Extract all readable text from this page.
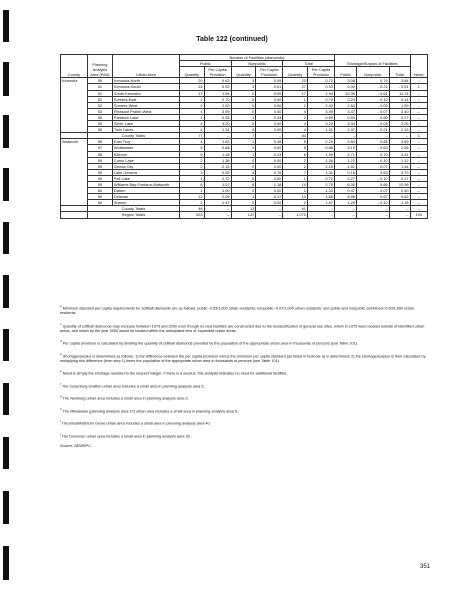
Table 122 (continued)
County	Planning Analysis Area (PAA)	Urban Area	Number of Facilities (diamonds)						Shortage/Surplus of Facilities			Need
			Public		Nonpublic		Total					
			Quantity	Per Capita Provision	Quantity	Per Capita Provision	Quantity	Per Capita Provision	Public	Nonpublic	Total	
Kenosha	50	Kenosha-North	20	0.63	3	0.09	23	0.72	3.08	0.76	3.84	--
	51	Kenosha-South	24	0.92	3	0.01	27	0.93	0.30	- 0.21	- 0.51	1
	51	South Kenosha	17	1.94	0	0.00	17	1.94	12.35	- 0.61	11.74	--
	52	Somers-East	1	0.70	0	0.00	1	0.70	0.24	- 0.10	0.14	--
	52	Somers-West	2	2.93	0	0.00	2	2.93	1.64	- 0.05	1.59	--
	53	Pleasant Prairie-West	4	3.99	0	0.00	4	3.99	3.47	- 0.07	3.40	--
	55	Paddock Lake	1	0.35	1	0.34	2	0.69	0.53	0.80	0.27	--
	55	Silver Lake	4	3.20	0	0.00	4	3.20	3.34	- 0.09	3.26	--
	55	Twin Lakes	4	1.31	0	0.00	4	1.31	2.37	- 0.21	2.16	--
	County Totals		77	--	7	--	84	--	--	--	--	1
Walworth	56	East Troy	4	1.83	1	0.46	5	2.29	2.84	0.85	3.69	--
	57	Whitewater	8	0.88	0	0.00	8	0.88	3.19	- 0.63	2.56	--
	58	Elkhorn	5	1.16	1	0.23	6	1.39	2.71	0.70	3.41	--
	59	Como Lake	2	1.36	0	0.00	2	1.36	1.22	- 0.10	1.12	--
	59	Genoa City	2	2.15	0	0.00	2	2.15	1.51	- 0.07	1.44	--
	59	Lake Geneva	3	0.55	4	0.76	7	1.31	0.16	3.63	3.79	--
	59	Pell Lake	1	0.72	0	0.00	1	0.72	0.27	- 0.10	0.17	--
	59	Williams Bay-Fontana-Walworth	8	1.57	6	1.18	14	2.75	6.30	5.66	10.96	--
	60	Darien	1	1.00	0	0.00	1	1.00	0.47	- 0.07	0.40	--
	60	Delavan	12	2.09	1	0.17	13	1.66	8.96	0.67	9.62	--
	60	Sharon	2	1.47	0	0.00	2	1.47	1.28	- 0.10	1.18	--
	County Totals		48	--	13	--	61	--	--	--	--	--
	Region Totals		923	--	147	--	1,070	--	--	--	--	194
$^a$ Minimum standard per capita requirements for softball diamonds are as follows: public--0.53/1,000 urban residents; nonpublic--0.07/1,000 urban residents; and public and nonpublic combined--0.60/1,000 urban residents.
$^c$ Quantity of softball diamonds may increase between 1975 and 2000 even though no new facilities are constructed due to the reclassification of general use sites, which in 1975 were located outside of identified urban areas, and which by the year 2000 would be located within the anticipated new or expanded urban areas.
$^d$ Per capita provision is calculated by dividing the quantity of softball diamonds provided by the population of the appropriate urban area in thousands of persons (see Table 101).
$^b$ Shortage/surplus is determined as follows: 1) the difference between the per capita provision minus the minimum per capita standard (as listed in footnote a) is determined; 2) the shortage/surplus is then calculated by multiplying this difference (from step 1) times the population of the appropriate urban area in thousands of persons (see Table 101).
$^e$ Need is simply the shortage rounded to the nearest integer. If there is a surplus, this analysis indicates no need for additional facilities.
$^f$ The Cedarburg-Grafton urban area includes a small area in planning analysis area 5.
$^g$ The Newburg urban area includes a small area in planning analysis area 3.
$^h$ The Milwaukee (planning analysis area 17) urban area includes a small area in planning analysis area 5.
$^i$ The Brookfield-Elm Grove urban area includes a small area in planning analysis area 40.
$^j$ The Dousman urban area includes a small area in planning analysis area 39.
Source: SEWRPC.
351
